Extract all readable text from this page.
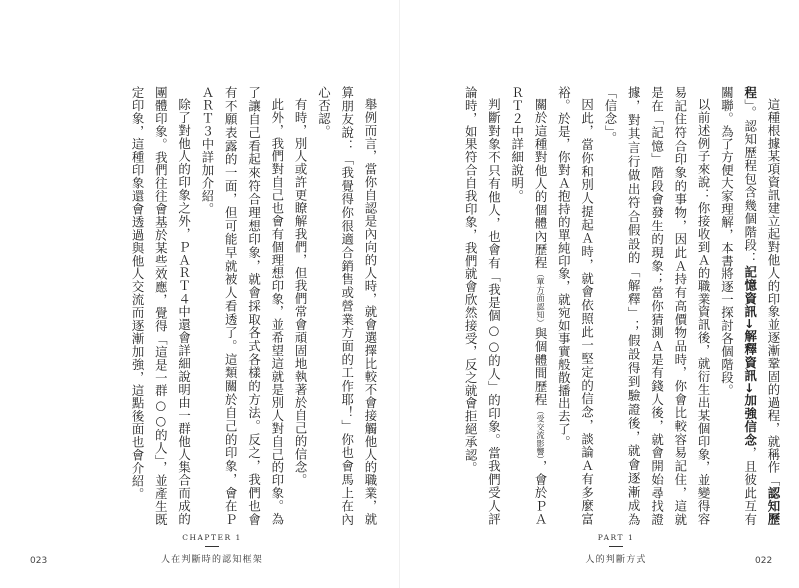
舉例而言，當你自認是內向的人時，就會選擇比較不會接觸他人的職業，就算朋友說：「我覺得你很適合銷售或營業方面的工作耶！」你也會馬上在內心否認。

有時，別人或許更瞭解我們，但我們常會頑固地執著於自己的信念。

此外，我們對自己也會有個理想印象，並希望這就是別人對自己的印象。為了讓自己看起來符合理想印象，就會採取各式各樣的方法。反之，我們也會有不願表露的一面，但可能早就被人看透了。這類關於自己的印象，會在ＰＡＲＴ３中詳加介紹。

除了對他人的印象之外，ＰＡＲＴ４中還會詳細說明由一群他人集合而成的團體印象。我們往往會基於某些效應，覺得「這是一群○○的人」，並產生既定印象，這種印象還會透過與他人交流而逐漸加強，這點後面也會介紹。

023
CHAPTER 1
人在判斷時的認知框架

這種根據某項資訊建立起對他人的印象並逐漸鞏固的過程，就稱作「認知歷程」。認知歷程包含幾個階段：記憶資訊→解釋資訊→加強信念，且彼此互有關聯。為了方便大家理解，本書將逐一探討各個階段。

以前述例子來說：你接收到Ａ的職業資訊後，就衍生出某個印象，並變得容易記住符合印象的事物，因此Ａ持有高價物品時，你會比較容易記住，這就是在「記憶」階段會發生的現象；當你猜測Ａ是有錢人後，就會開始尋找證據，對其言行做出符合假設的「解釋」；假設得到驗證後，就會逐漸成為「信念」。

因此，當你和別人提起Ａ時，就會依照此一堅定的信念，談論Ａ有多麼富裕。於是，你對Ａ抱持的單純印象，就宛如事實般散播出去了。

關於這種對他人的個體內歷程（單方面認知）與個體間歷程（受交流影響），會於ＰＡＲＴ２中詳細說明。

判斷對象不只有他人，也會有「我是個○○的人」的印象。當我們受人評論時，如果符合自我印象，我們就會欣然接受，反之就會拒絕承認。

022
PART 1
人的判斷方式
